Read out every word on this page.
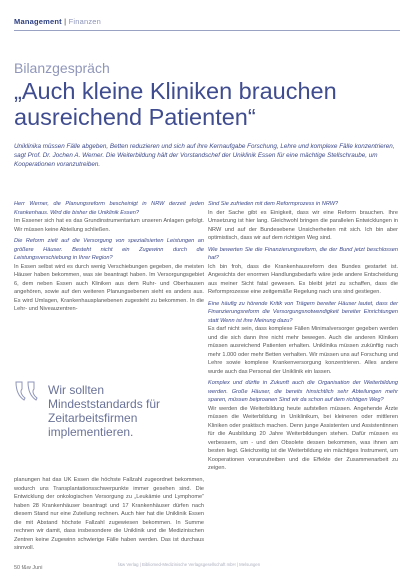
Management | Finanzen
Bilanzgespräch
„Auch kleine Kliniken brauchen ausreichend Patienten“

Uniklinika müssen Fälle abgeben, Betten reduzieren und sich auf ihre Kernaufgabe Forschung, Lehre und komplexe Fälle konzentrieren, sagt Prof. Dr. Jochen A. Werner. Die Weiterbildung hält der Vorstandschef der Uniklinik Essen für eine mächtige Stellschraube, um Kooperationen voranzutreiben.

Herr Werner, die Planungsreform bescheinigt in NRW derzeit jeden Krankenhaus. Wird die bisher die Uniklinik Essen?

Im Essener sich hat es das Grundinstrumentarium unseren Anlagen gefolgt. Wir müssen keine Abteilung schließen.

Die Reform zielt auf die Versorgung von spezialisierten Leistungen an größere Häuser. Besteht nicht ein Zugewinn durch die Leistungsverschiebung in Ihrer Region?

In Essen selbst wird es durch wenig Verschiebungen gegeben, die meisten Häuser haben bekommen, was sie beantragt haben. Im Versorgungsgebiet 6, dem neben Essen auch Kliniken aus dem Ruhr- und Oberhausen angehören, sowie auf den weiteren Planungsebenen sieht es anders aus. Es wird Umlagen, Krankenhausplanebenen zugesteht zu bekommen. In die Lehr- und Niveauzentren-

Wir sollten Mindeststandards für Zeitarbeitsfirmen implementieren.

planungen hat das UK Essen die höchste Fallzahl zugeordnet bekommen, wodurch uns Transplantationsschwerpunkte immer gesehen sind. Die Entwicklung der onkologischen Versorgung zu „Leukämie und Lymphome“ haben 28 Krankenhäuser beantragt und 17 Krankenhäuser dürfen nach diesem Stand nur eine Zuteilung rechnen. Auch hier hat die Uniklinik Essen die mit Abstand höchste Fallzahl zugewiesen bekommen. In Summe rechnen wir damit, dass insbesondere die Uniklinik und die Medizinischen Zentren keine Zugewinn schwierige Fälle haben werden. Das ist durchaus sinnvoll.

Sind Sie zufrieden mit dem Reformprozess in NRW?

In der Sache gibt es Einigkeit, dass wir eine Reform brauchen. Ihre Umsetzung ist hier lang. Gleichwohl bringen die parallelen Entwicklungen in NRW und auf der Bundesebene Unsicherheiten mit sich. Ich bin aber optimistisch, dass wir auf dem richtigen Weg sind.

Wie bewerten Sie die Finanzierungsreform, die der Bund jetzt beschlossen hat?

Ich bin froh, dass die Krankenhausreform des Bundes gestartet ist. Angesichts der enormen Handlungsbedarfs wäre jede andere Entscheidung aus meiner Sicht fatal gewesen. Es bleibt jetzt zu schaffen, dass die Reformprozesse eine zeitgemäße Regelung nach uns sind gestiegen.

Eine häufig zu hörende Kritik von Trägern bereiter Häuser lautet, dass der Finanzierungsreform die Versorgungsnotwendigkeit bereiter Einrichtungen statt Wenn ist ihre Meinung dazu?

Es darf nicht sein, dass komplexe Fällen Minimalversorger gegeben werden und die sich dann ihre nicht mehr bewegen. Auch die anderen Kliniken müssen ausreichend Patienten erhalten. Uniklinika müssen zukünftig nach mehr 1.000 oder mehr Betten verhalten. Wir müssen uns auf Forschung und Lehre sowie komplexe Krankenversorgung konzentrieren. Alles andere wurde auch das Personal der Uniklinik ein lassen.

Komplex und dürfte in Zukunft auch die Organisation der Weiterbildung werden. Große Häuser, die bereits hinsichtlich sehr Abteilungen mehr sparen, müssen beiproanen Sind wir da schon auf dem richtigen Weg?

Wir werden die Weiterbildung heute aufstellen müssen. Angehende Ärzte müssen die Weiterbildung in Uniklinikum, bei kleineren oder mittleren Kliniken oder praktisch machen. Denn junge Assistenten und Assistentinnen für die Ausbildung 20 Jahre Weiterbildungen stehen. Dafür müssen es verbessern, um - und den Obsolete dessen bekommen, was ihnen am besten liegt. Gleichzeitig ist die Weiterbildung ein mächtiges Instrument, um Kooperationen voranzutreiben und die Effekte der Zusammenarbeit zu zeigen.

50 f&w Juni
f&w Verlag | Bibliomed-Medizinische Verlagsgesellschaft mbH | Melsungen
